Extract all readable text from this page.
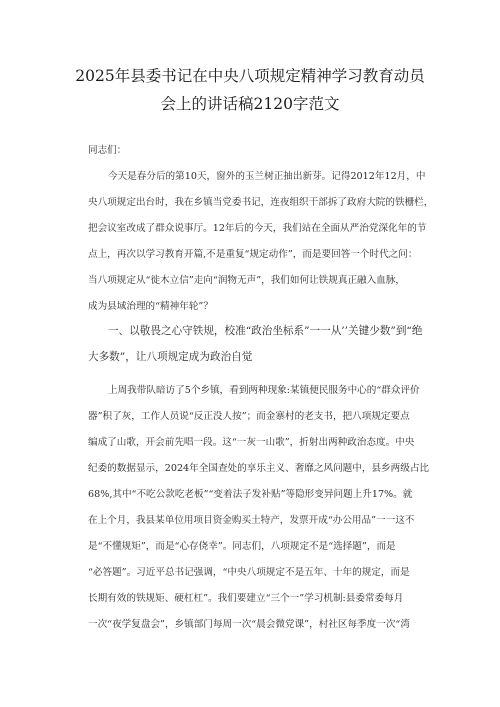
2025年县委书记在中央八项规定精神学习教育动员
会上的讲话稿2120字范文
同志们：
今天是春分后的第10天，窗外的玉兰树正抽出新芽。记得2012年12月，中
央八项规定出台时，我在乡镇当党委书记，连夜组织干部拆了政府大院的铁栅栏，
把会议室改成了群众说事厅。12年后的今天，我们站在全面从严治党深化年的节
点上，再次以学习教育开篇,不是重复“规定动作”，而是要回答一个时代之问：
当八项规定从“徙木立信”走向“润物无声”，我们如何让铁规真正融入血脉，
成为县域治理的“精神年轮”？
一、以敬畏之心守铁规，校准“政治坐标系”一一从’’关键少数”到“绝
大多数”，让八项规定成为政治自觉
上周我带队暗访了5个乡镇，看到两种现象:某镇便民服务中心的“群众评价
器”积了灰，工作人员说“反正没人按”；而金寨村的老支书，把八项规定要点
编成了山歌，开会前先唱一段。这“一灰一山歌”，折射出两种政治态度。中央
纪委的数据显示，2024年全国查处的享乐主义、奢靡之风问题中，县乡两级占比
68%,其中“不吃公款吃老板”“变着法子发补贴”等隐形变异问题上升17%。就
在上个月，我县某单位用项目资金购买土特产，发票开成“办公用品”一一这不
是“不懂规矩”，而是“心存侥幸”。同志们，八项规定不是“选择题”，而是
“必答题”。习近平总书记强调，“中央八项规定不是五年、十年的规定，而是
长期有效的铁规矩、硬杠杠”。我们要建立“三个一”学习机制:县委常委每月
一次“夜学复盘会”，乡镇部门每周一次“晨会微党课”，村社区每季度一次“湾
